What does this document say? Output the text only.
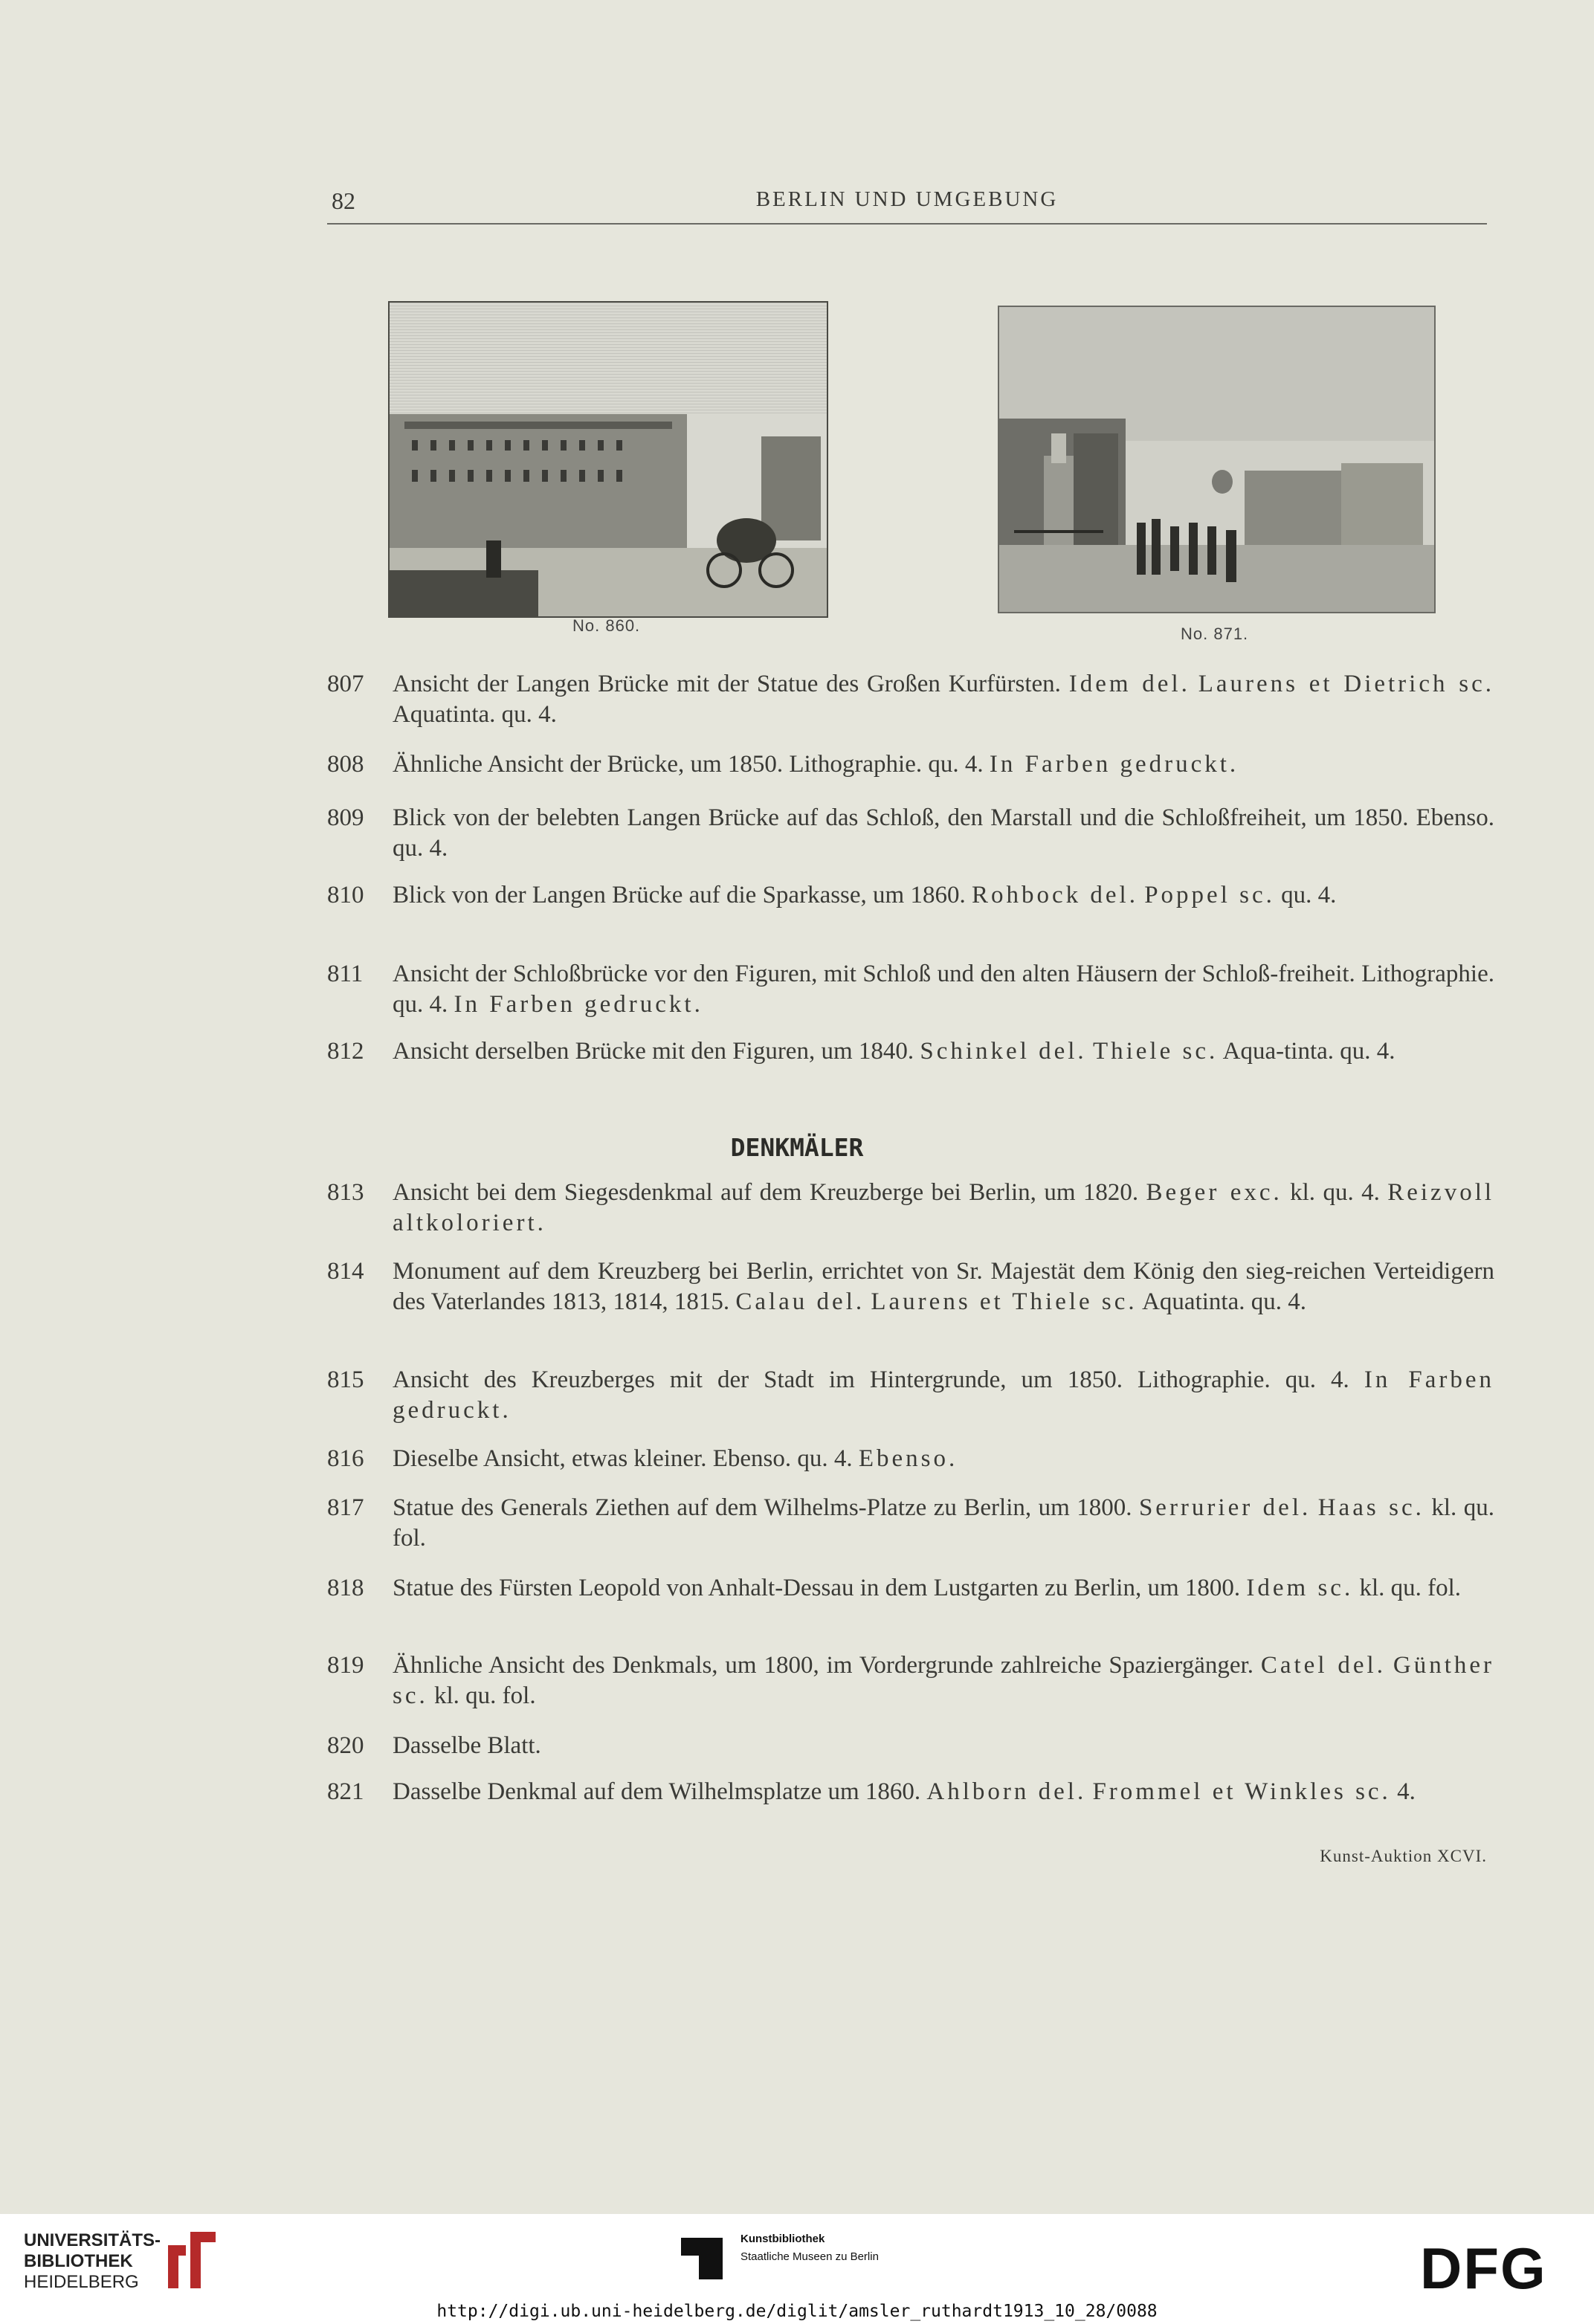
82	BERLIN UND UMGEBUNG
No. 860.	No. 871.
807 Ansicht der Langen Brücke mit der Statue des Großen Kurfürsten. Idem del. Laurens et Dietrich sc. Aquatinta. qu. 4.
808 Ähnliche Ansicht der Brücke, um 1850. Lithographie. qu. 4. In Farben gedruckt.
809 Blick von der belebten Langen Brücke auf das Schloß, den Marstall und die Schloßfreiheit, um 1850. Ebenso. qu. 4.
810 Blick von der Langen Brücke auf die Sparkasse, um 1860. Rohbock del. Poppel sc. qu. 4.
811 Ansicht der Schloßbrücke vor den Figuren, mit Schloß und den alten Häusern der Schloß-freiheit. Lithographie. qu. 4. In Farben gedruckt.
812 Ansicht derselben Brücke mit den Figuren, um 1840. Schinkel del. Thiele sc. Aqua-tinta. qu. 4.
DENKMÄLER
813 Ansicht bei dem Siegesdenkmal auf dem Kreuzberge bei Berlin, um 1820. Beger exc. kl. qu. 4. Reizvoll altkoloriert.
814 Monument auf dem Kreuzberg bei Berlin, errichtet von Sr. Majestät dem König den sieg-reichen Verteidigern des Vaterlandes 1813, 1814, 1815. Calau del. Laurens et Thiele sc. Aquatinta. qu. 4.
815 Ansicht des Kreuzberges mit der Stadt im Hintergrunde, um 1850. Lithographie. qu. 4. In Farben gedruckt.
816 Dieselbe Ansicht, etwas kleiner. Ebenso. qu. 4. Ebenso.
817 Statue des Generals Ziethen auf dem Wilhelms-Platze zu Berlin, um 1800. Serrurier del. Haas sc. kl. qu. fol.
818 Statue des Fürsten Leopold von Anhalt-Dessau in dem Lustgarten zu Berlin, um 1800. Idem sc. kl. qu. fol.
819 Ähnliche Ansicht des Denkmals, um 1800, im Vordergrunde zahlreiche Spaziergänger. Catel del. Günther sc. kl. qu. fol.
820 Dasselbe Blatt.
821 Dasselbe Denkmal auf dem Wilhelmsplatze um 1860. Ahlborn del. Frommel et Winkles sc. 4.
Kunst-Auktion XCVI.
UNIVERSITÄTS-
BIBLIOTHEK
HEIDELBERG
Kunstbibliothek
Staatliche Museen zu Berlin	DFG
http://digi.ub.uni-heidelberg.de/diglit/amsler_ruthardt1913_10_28/0088
